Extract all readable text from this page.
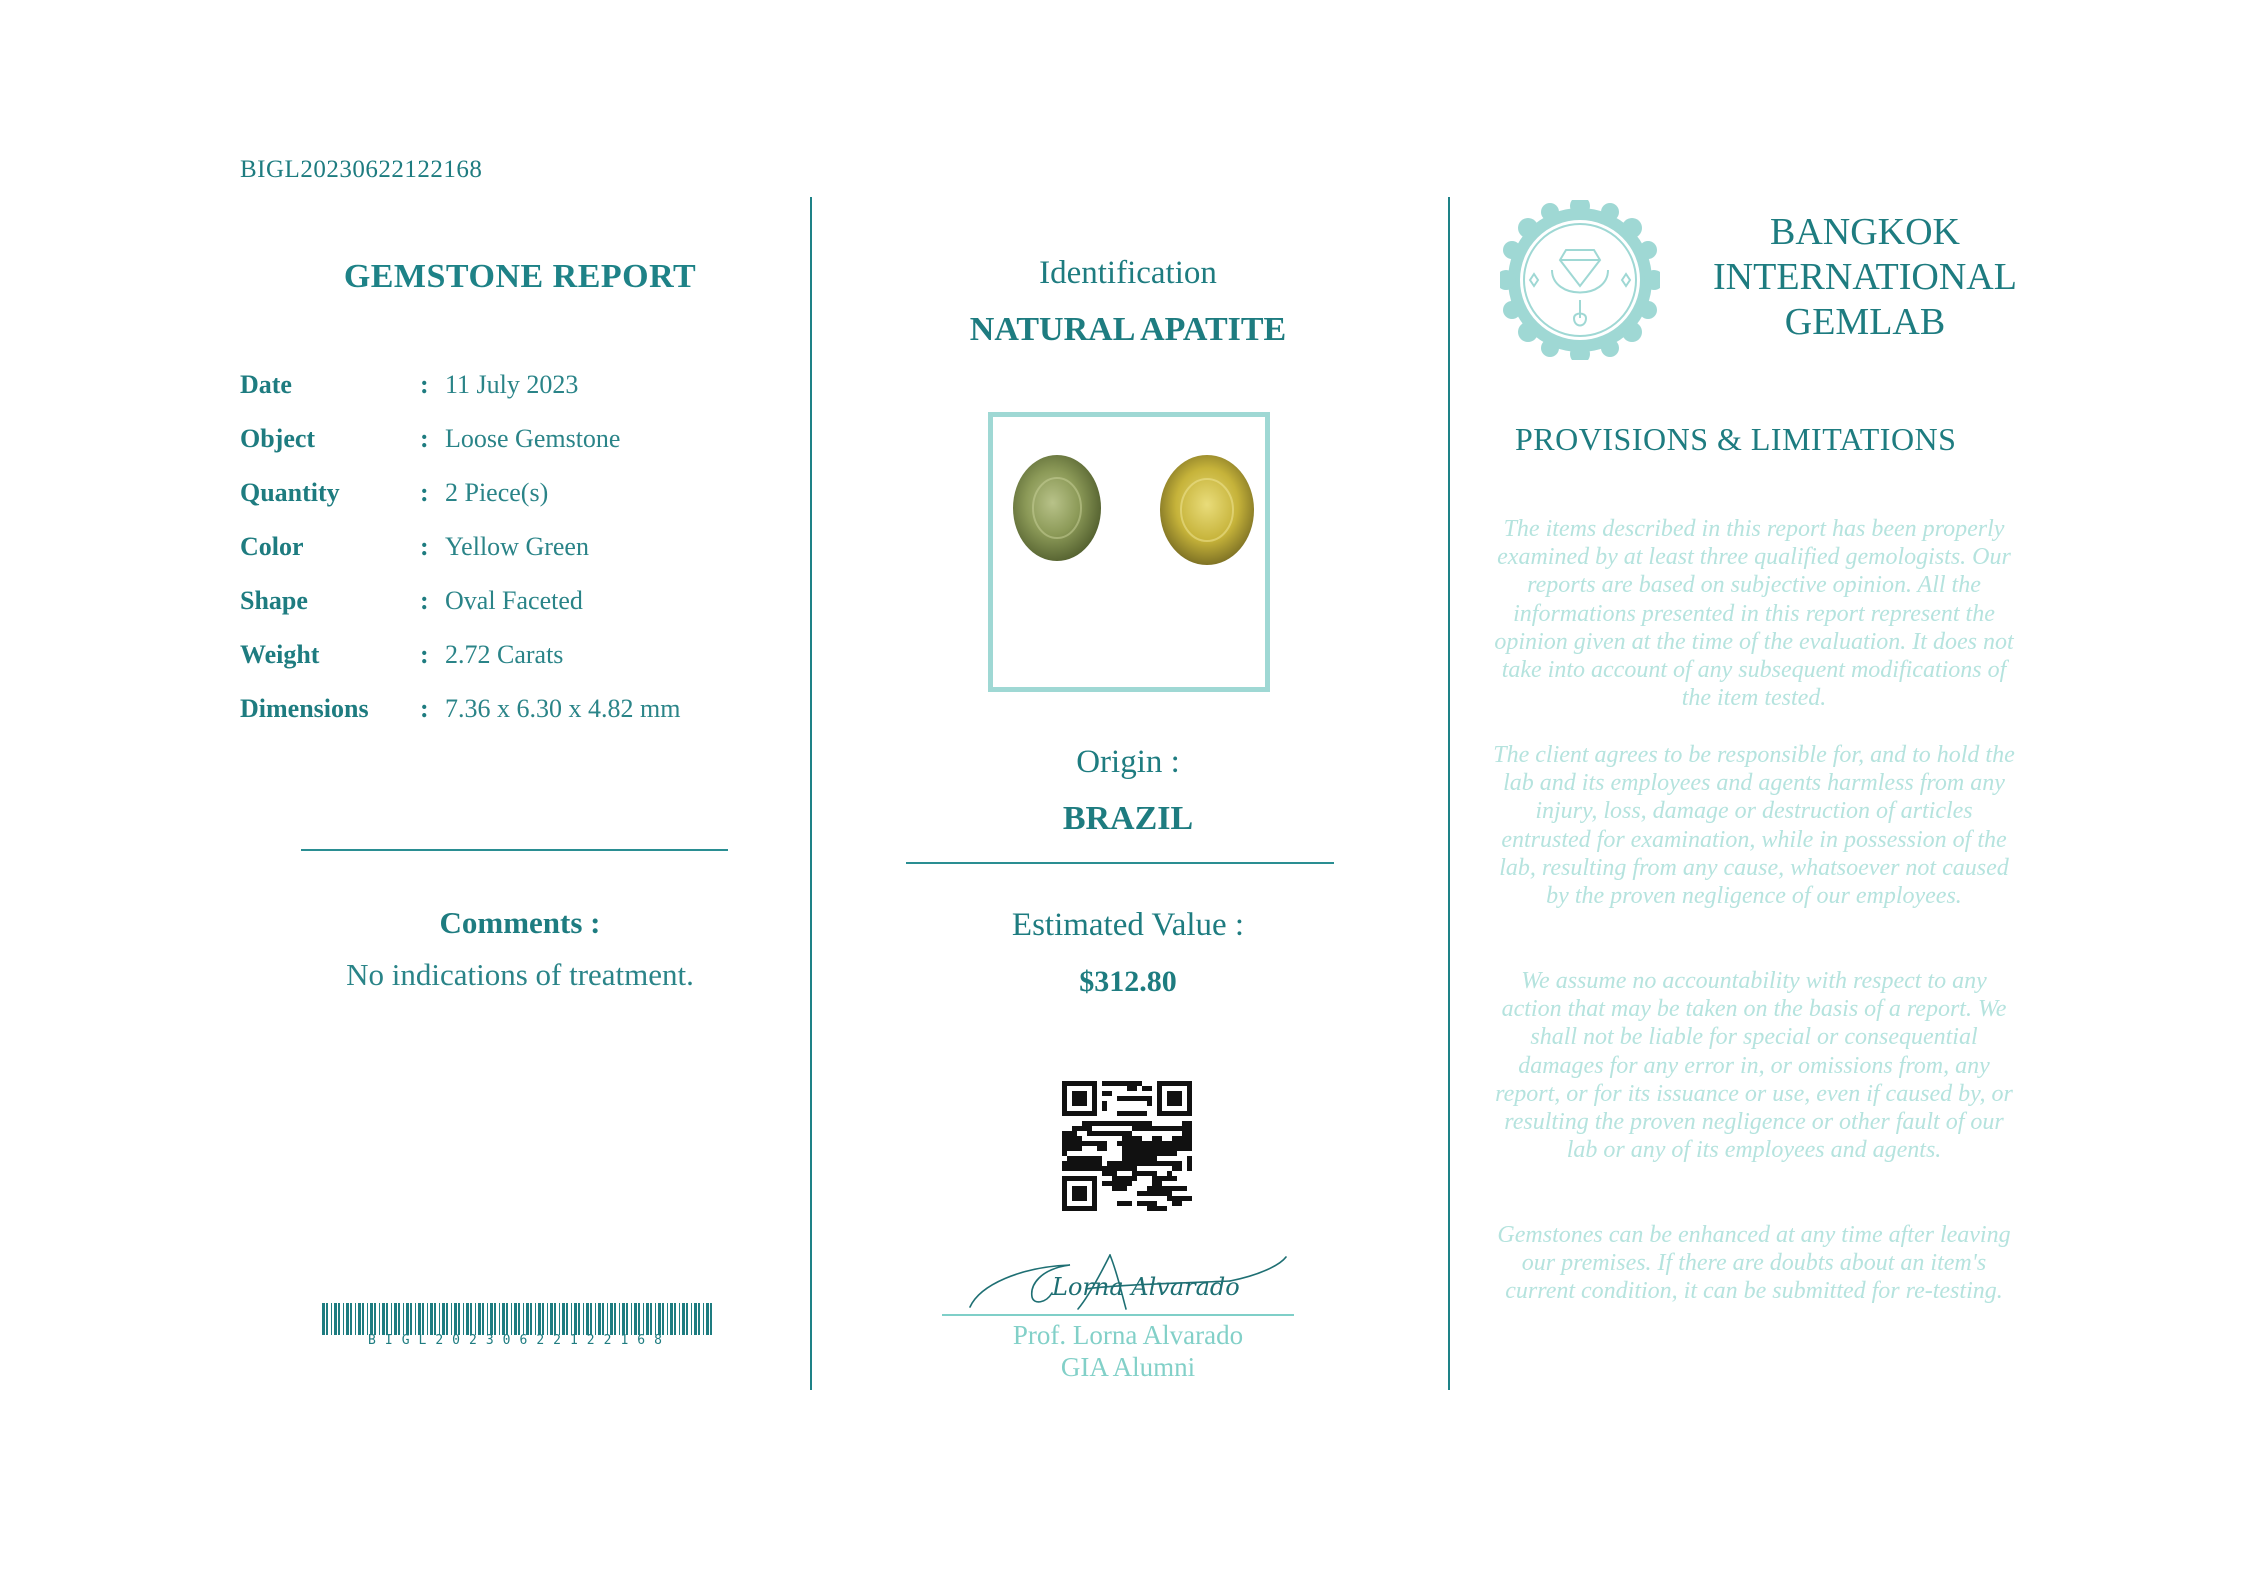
BIGL20230622122168
GEMSTONE REPORT
Date	: 11 July 2023
Object	: Loose Gemstone
Quantity	: 2 Piece(s)
Color	: Yellow Green
Shape	: Oval Faceted
Weight	: 2.72 Carats
Dimensions : 7.36 x 6.30 x 4.82 mm
Comments :
No indications of treatment.
BIGL20230622122168
Identification
NATURAL APATITE
Origin :
BRAZIL
Estimated Value :
$312.80
Lorna Alvarado
Prof. Lorna Alvarado
GIA Alumni
BANGKOK
INTERNATIONAL
GEMLAB
PROVISIONS & LIMITATIONS
The items described in this report has been properly examined by at least three qualified gemologists. Our reports are based on subjective opinion. All the informations presented in this report represent the opinion given at the time of the evaluation. It does not take into account of any subsequent modifications of the item tested.
The client agrees to be responsible for, and to hold the lab and its employees and agents harmless from any injury, loss, damage or destruction of articles entrusted for examination, while in possession of the lab, resulting from any cause, whatsoever not caused by the proven negligence of our employees.
We assume no accountability with respect to any action that may be taken on the basis of a report. We shall not be liable for special or consequential damages for any error in, or omissions from, any report, or for its issuance or use, even if caused by, or resulting the proven negligence or other fault of our lab or any of its employees and agents.
Gemstones can be enhanced at any time after leaving our premises. If there are doubts about an item's current condition, it can be submitted for re-testing.
